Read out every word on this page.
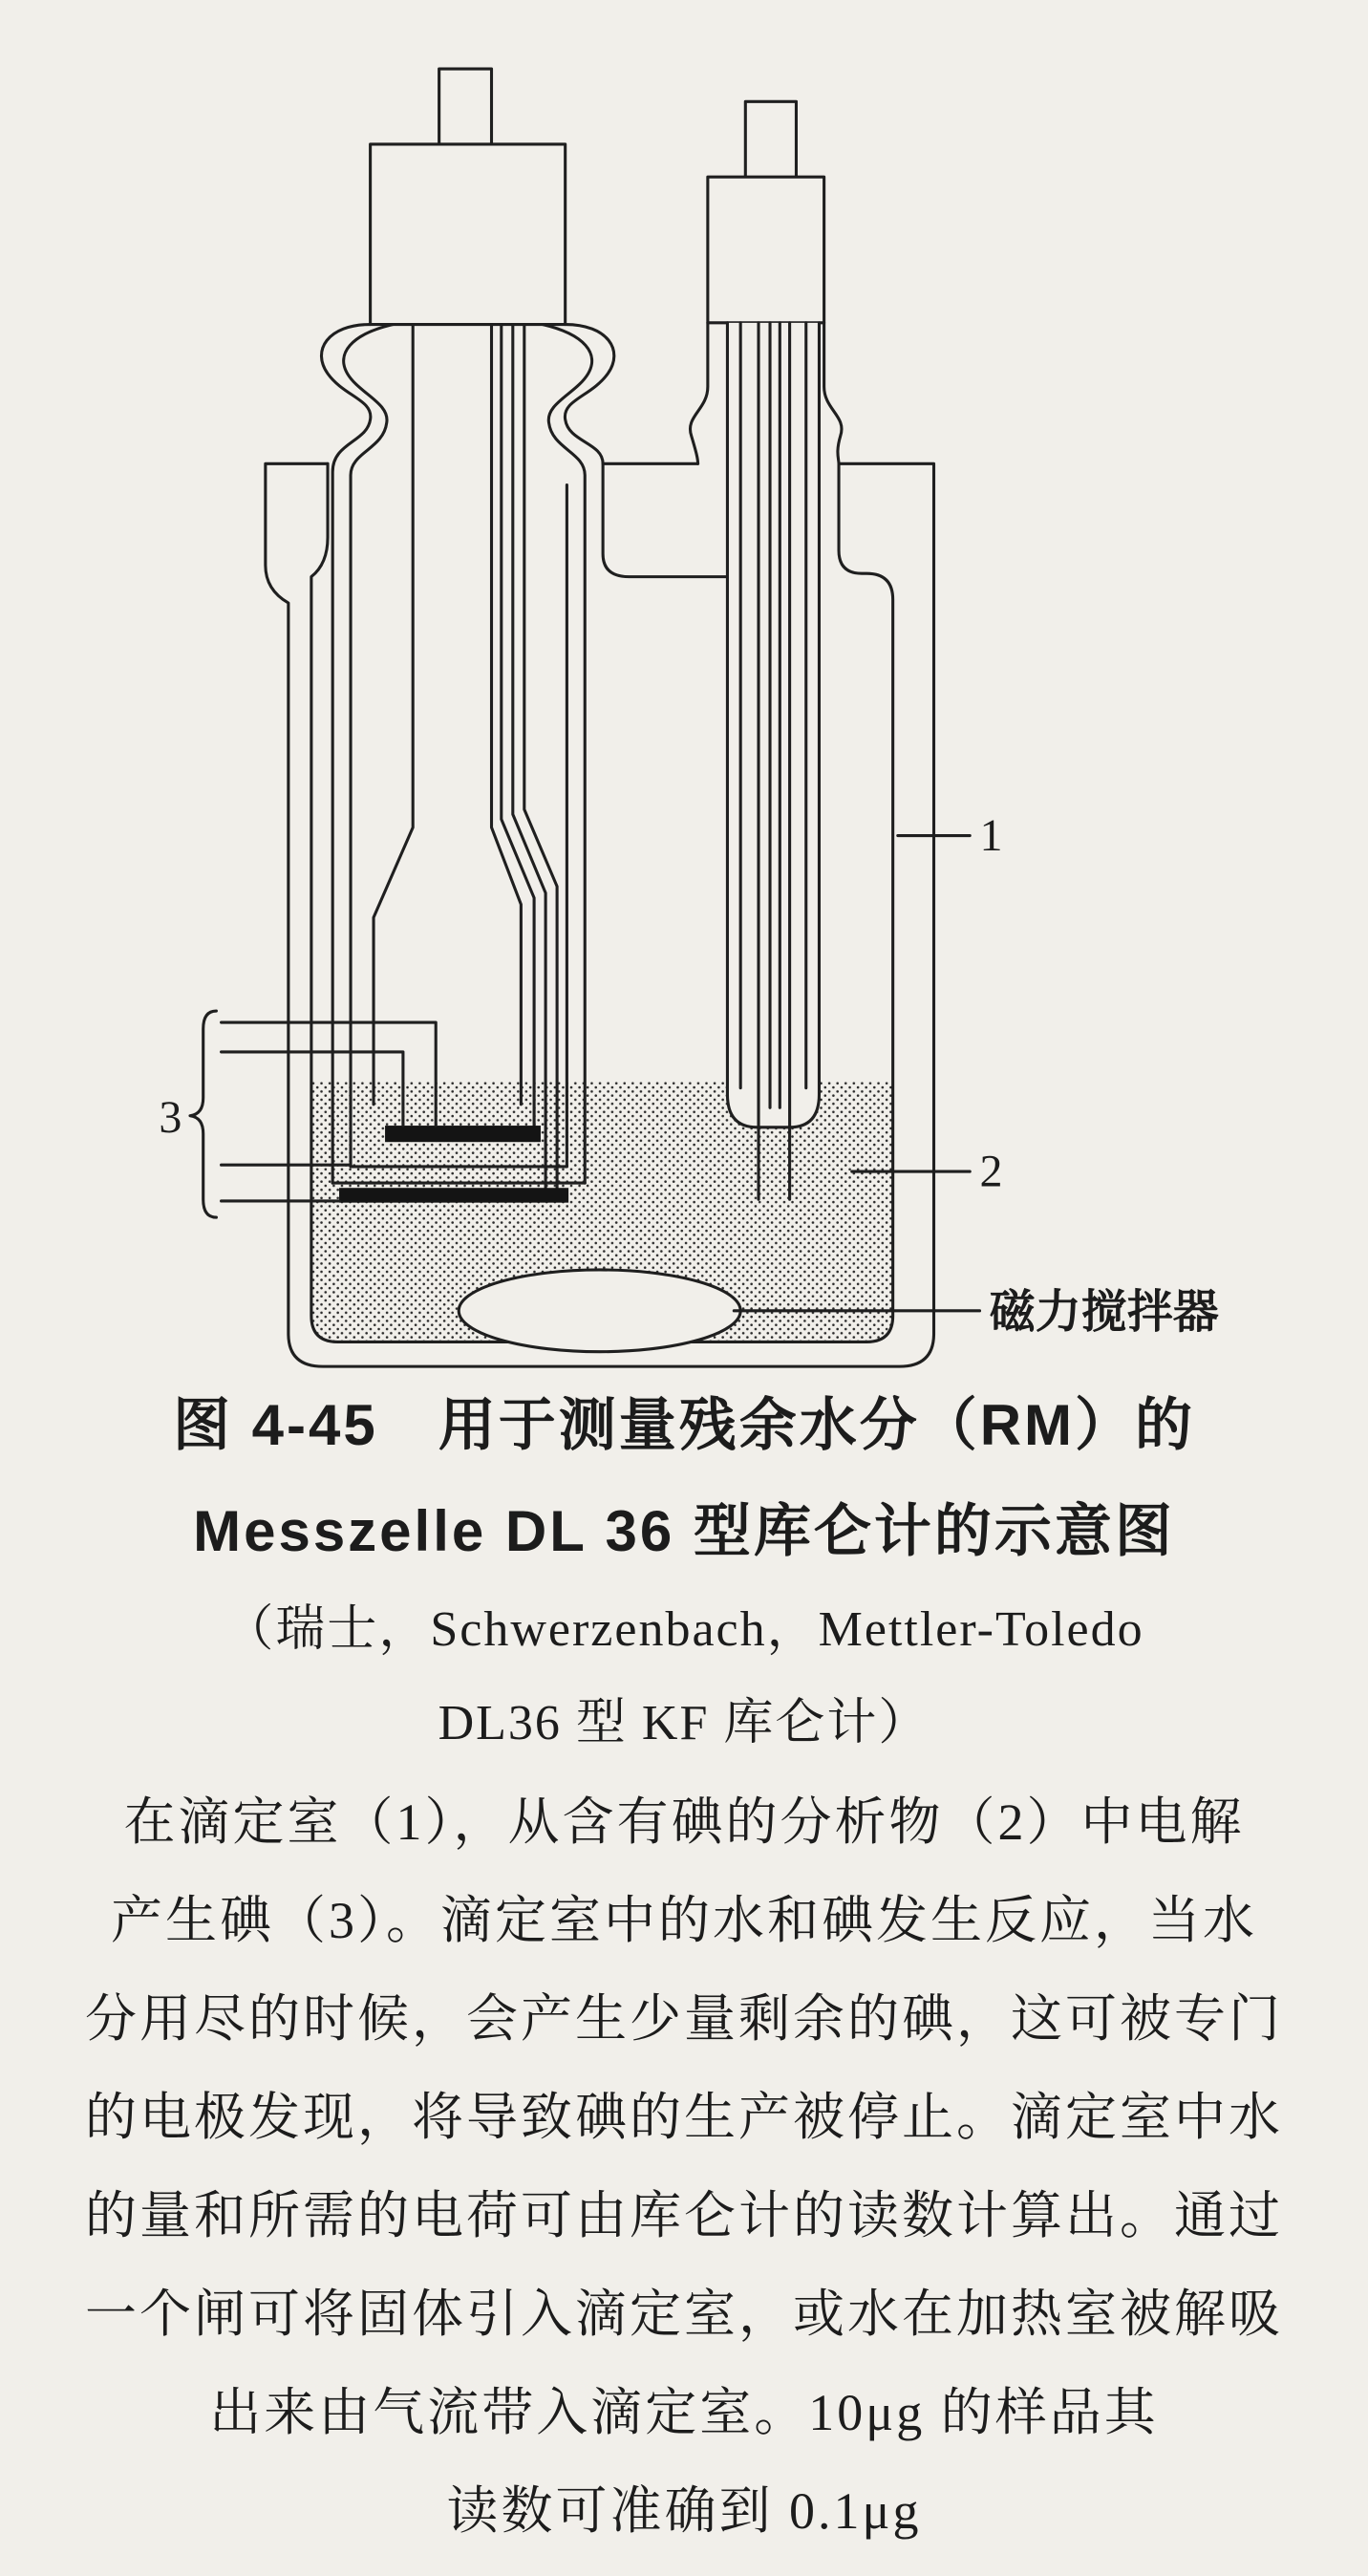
1
2
3
磁力搅拌器
图 4-45　用于测量残余水分（RM）的
Messzelle DL 36 型库仑计的示意图
（瑞士，Schwerzenbach，Mettler-Toledo
DL36 型 KF 库仑计）
在滴定室（1），从含有碘的分析物（2）中电解
产生碘（3）。滴定室中的水和碘发生反应，当水
分用尽的时候，会产生少量剩余的碘，这可被专门
的电极发现，将导致碘的生产被停止。滴定室中水
的量和所需的电荷可由库仑计的读数计算出。通过
一个闸可将固体引入滴定室，或水在加热室被解吸
出来由气流带入滴定室。10μg 的样品其
读数可准确到 0.1μg
